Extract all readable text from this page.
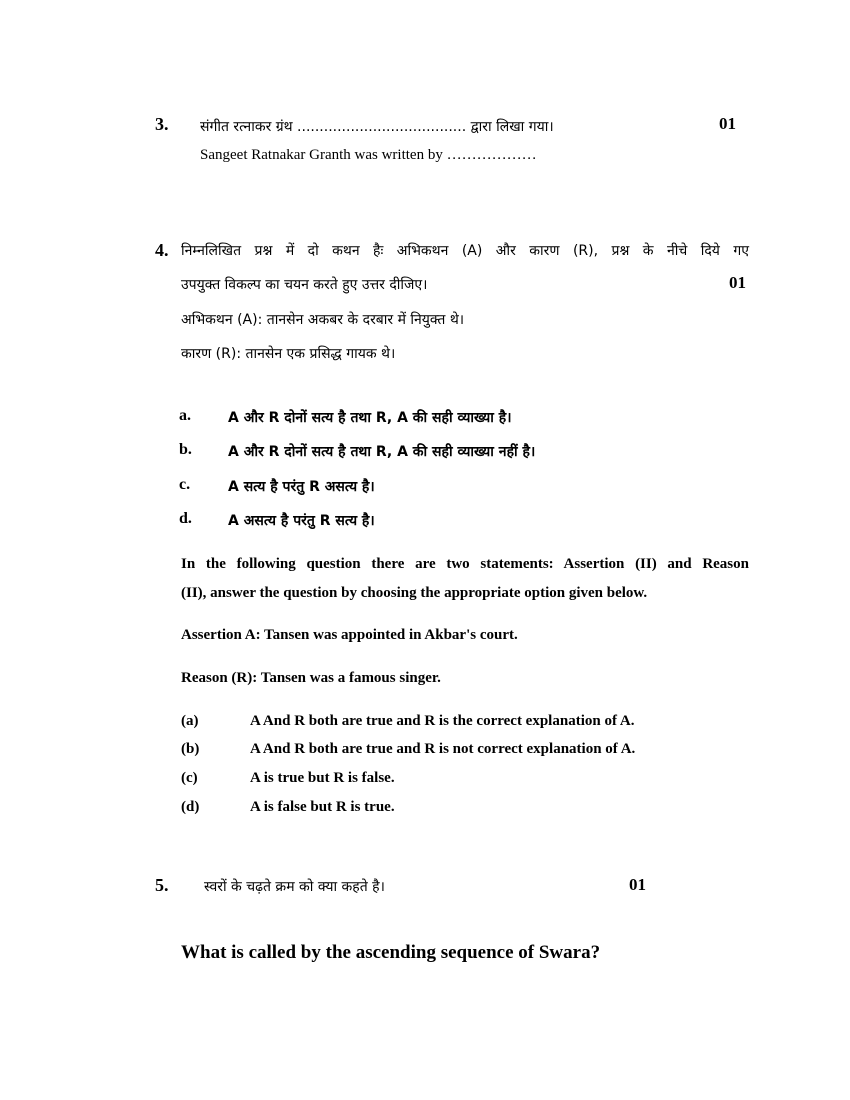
3. संगीत रत्नाकर ग्रंथ ...................................... द्वारा लिखा गया।	01
Sangeet Ratnakar Granth was written by ………………
4. निम्नलिखित प्रश्न में दो कथन हैः अभिकथन (A) और कारण (R), प्रश्न के नीचे दिये गए
उपयुक्त विकल्प का चयन करते हुए उत्तर दीजिए।	01
अभिकथन (A): तानसेन अकबर के दरबार में नियुक्त थे।
कारण (R): तानसेन एक प्रसिद्ध गायक थे।
a.	A और R दोनों सत्य है तथा R, A की सही व्याख्या है।
b.	A और R दोनों सत्य है तथा R, A की सही व्याख्या नहीं है।
c.	A सत्य है परंतु R असत्य है।
d.	A असत्य है परंतु R सत्य है।
In the following question there are two statements: Assertion (II) and Reason
(II), answer the question by choosing the appropriate option given below.
Assertion A: Tansen was appointed in Akbar's court.
Reason (R): Tansen was a famous singer.
(a)	A And R both are true and R is the correct explanation of A.
(b)	A And R both are true and R is not correct explanation of A.
(c)	A is true but R is false.
(d)	A is false but R is true.
5.	स्वरों के चढ़ते क्रम को क्या कहते है।	01
What is called by the ascending sequence of Swara?
